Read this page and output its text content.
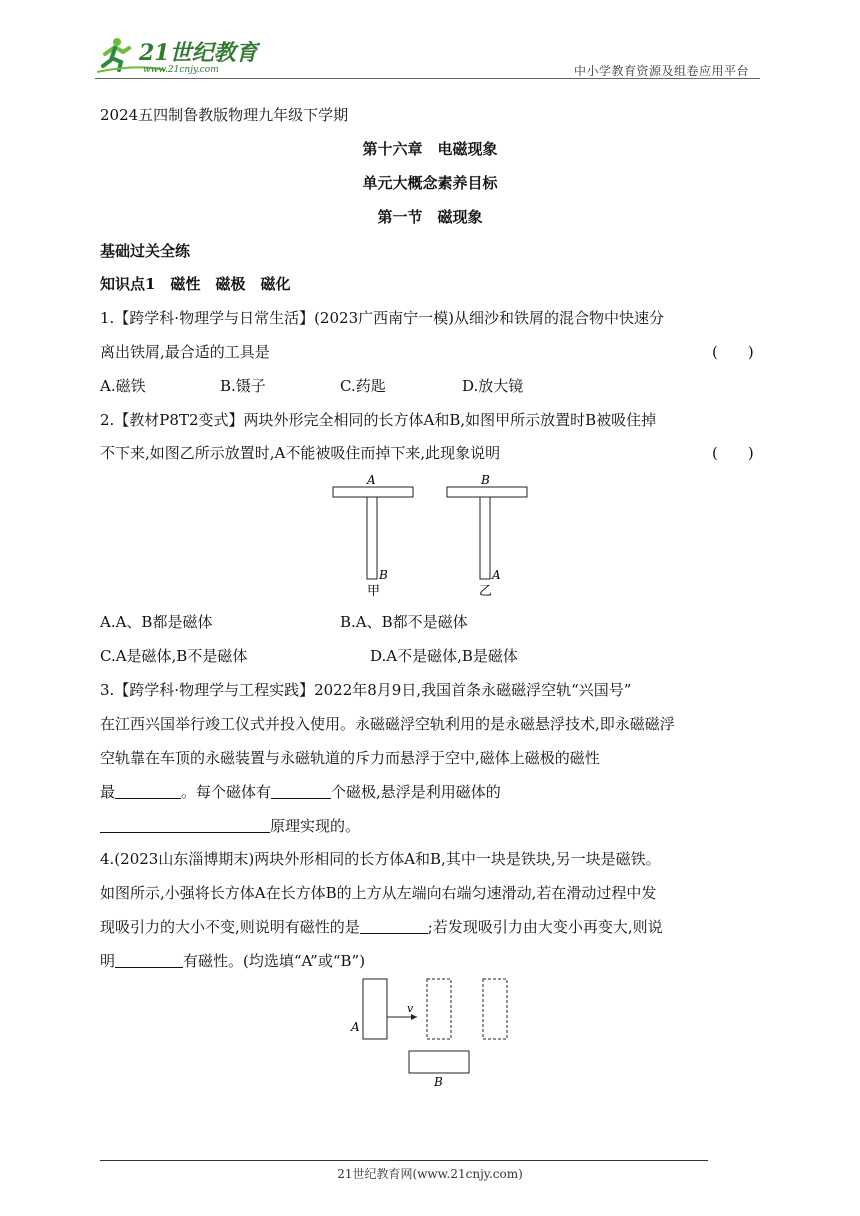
21世纪教育
www.21cnjy.com	中小学教育资源及组卷应用平台
2024五四制鲁教版物理九年级下学期
第十六章　电磁现象
单元大概念素养目标
第一节　磁现象
基础过关全练
知识点1　磁性　磁极　磁化
1.【跨学科·物理学与日常生活】(2023广西南宁一模)从细沙和铁屑的混合物中快速分
离出铁屑,最合适的工具是	(　　)
A.磁铁	B.镊子	C.药匙	D.放大镜
2.【教材P8T2变式】两块外形完全相同的长方体A和B,如图甲所示放置时B被吸住掉
不下来,如图乙所示放置时,A不能被吸住而掉下来,此现象说明	(　　)
A
B
甲
B
A
乙
A.A、B都是磁体	B.A、B都不是磁体
C.A是磁体,B不是磁体	D.A不是磁体,B是磁体
3.【跨学科·物理学与工程实践】2022年8月9日,我国首条永磁磁浮空轨“兴国号”
在江西兴国举行竣工仪式并投入使用。永磁磁浮空轨利用的是永磁悬浮技术,即永磁磁浮
空轨靠在车顶的永磁装置与永磁轨道的斥力而悬浮于空中,磁体上磁极的磁性
最	。每个磁体有	个磁极,悬浮是利用磁体的
原理实现的。
4.(2023山东淄博期末)两块外形相同的长方体A和B,其中一块是铁块,另一块是磁铁。
如图所示,小强将长方体A在长方体B的上方从左端向右端匀速滑动,若在滑动过程中发
现吸引力的大小不变,则说明有磁性的是	;若发现吸引力由大变小再变大,则说
明	有磁性。(均选填“A”或“B”)
A
v
B
21世纪教育网(www.21cnjy.com)
